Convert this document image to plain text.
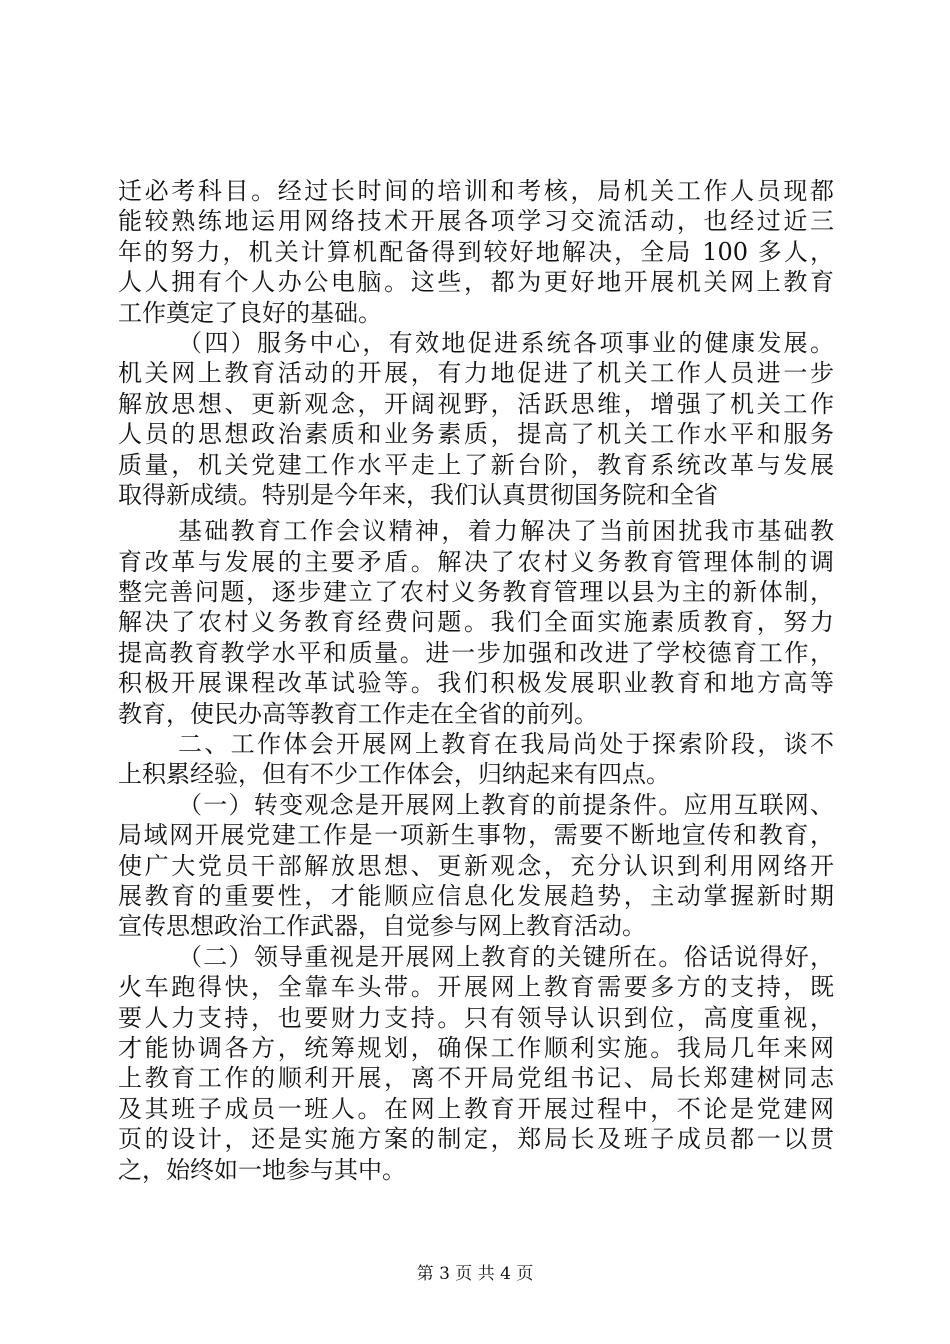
迁必考科目。经过长时间的培训和考核，局机关工作人员现都
能较熟练地运用网络技术开展各项学习交流活动，也经过近三
年的努力，机关计算机配备得到较好地解决，全局 100 多人，
人人拥有个人办公电脑。这些，都为更好地开展机关网上教育
工作奠定了良好的基础。
（四）服务中心，有效地促进系统各项事业的健康发展。
机关网上教育活动的开展，有力地促进了机关工作人员进一步
解放思想、更新观念，开阔视野，活跃思维，增强了机关工作
人员的思想政治素质和业务素质，提高了机关工作水平和服务
质量，机关党建工作水平走上了新台阶，教育系统改革与发展
取得新成绩。特别是今年来，我们认真贯彻国务院和全省
基础教育工作会议精神，着力解决了当前困扰我市基础教
育改革与发展的主要矛盾。解决了农村义务教育管理体制的调
整完善问题，逐步建立了农村义务教育管理以县为主的新体制，
解决了农村义务教育经费问题。我们全面实施素质教育，努力
提高教育教学水平和质量。进一步加强和改进了学校德育工作，
积极开展课程改革试验等。我们积极发展职业教育和地方高等
教育，使民办高等教育工作走在全省的前列。
二、工作体会开展网上教育在我局尚处于探索阶段，谈不
上积累经验，但有不少工作体会，归纳起来有四点。
（一）转变观念是开展网上教育的前提条件。应用互联网、
局域网开展党建工作是一项新生事物，需要不断地宣传和教育，
使广大党员干部解放思想、更新观念，充分认识到利用网络开
展教育的重要性，才能顺应信息化发展趋势，主动掌握新时期
宣传思想政治工作武器，自觉参与网上教育活动。
（二）领导重视是开展网上教育的关键所在。俗话说得好，
火车跑得快，全靠车头带。开展网上教育需要多方的支持，既
要人力支持，也要财力支持。只有领导认识到位，高度重视，
才能协调各方，统筹规划，确保工作顺利实施。我局几年来网
上教育工作的顺利开展，离不开局党组书记、局长郑建树同志
及其班子成员一班人。在网上教育开展过程中，不论是党建网
页的设计，还是实施方案的制定，郑局长及班子成员都一以贯
之，始终如一地参与其中。
第 3 页 共 4 页
